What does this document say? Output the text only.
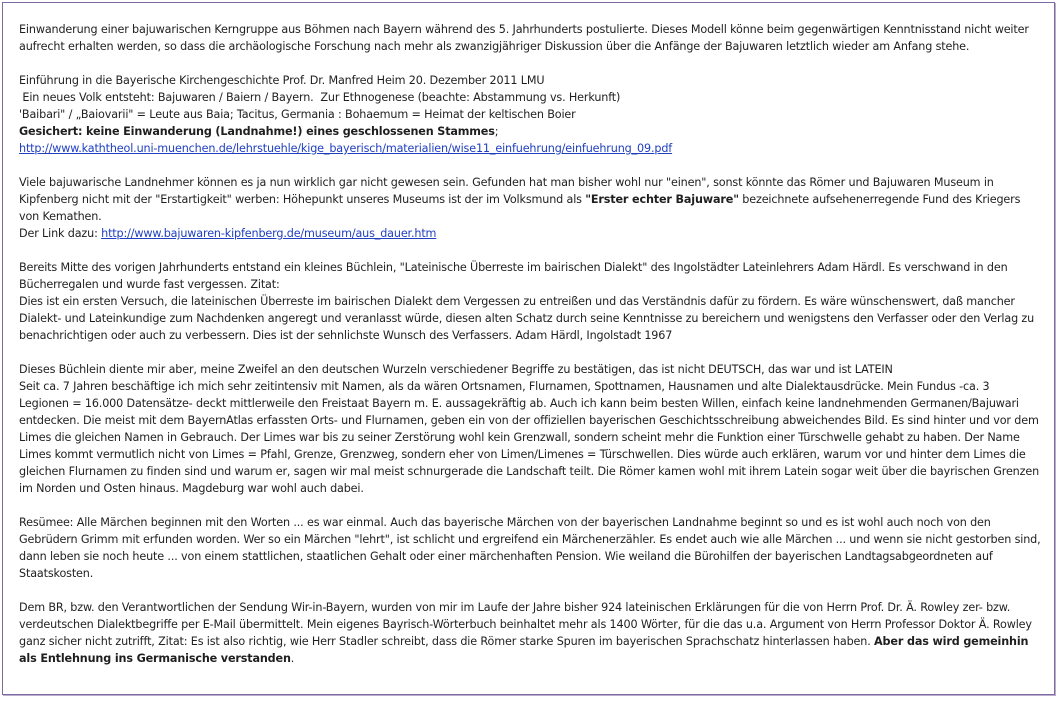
Einwanderung einer bajuwarischen Kerngruppe aus Böhmen nach Bayern während des 5. Jahrhunderts postulierte. Dieses Modell könne beim gegenwärtigen Kenntnisstand nicht weiter aufrecht erhalten werden, so dass die archäologische Forschung nach mehr als zwanzigjähriger Diskussion über die Anfänge der Bajuwaren letztlich wieder am Anfang stehe.

Einführung in die Bayerische Kirchengeschichte Prof. Dr. Manfred Heim 20. Dezember 2011 LMU
Ein neues Volk entsteht: Bajuwaren / Baiern / Bayern.  Zur Ethnogenese (beachte: Abstammung vs. Herkunft)
'Baibari" / „Baiovarii" = Leute aus Baia; Tacitus, Germania : Bohaemum = Heimat der keltischen Boier
Gesichert: keine Einwanderung (Landnahme!) eines geschlossenen Stammes;
http://www.kaththeol.uni-muenchen.de/lehrstuehle/kige_bayerisch/materialien/wise11_einfuehrung/einfuehrung_09.pdf

Viele bajuwarische Landnehmer können es ja nun wirklich gar nicht gewesen sein. Gefunden hat man bisher wohl nur "einen", sonst könnte das Römer und Bajuwaren Museum in Kipfenberg nicht mit der "Erstartigkeit" werben: Höhepunkt unseres Museums ist der im Volksmund als "Erster echter Bajuware" bezeichnete aufsehenerregende Fund des Kriegers von Kemathen.
Der Link dazu: http://www.bajuwaren-kipfenberg.de/museum/aus_dauer.htm

Bereits Mitte des vorigen Jahrhunderts entstand ein kleines Büchlein, "Lateinische Überreste im bairischen Dialekt" des Ingolstädter Lateinlehrers Adam Härdl. Es verschwand in den Bücherregalen und wurde fast vergessen. Zitat:
Dies ist ein ersten Versuch, die lateinischen Überreste im bairischen Dialekt dem Vergessen zu entreißen und das Verständnis dafür zu fördern. Es wäre wünschenswert, daß mancher Dialekt- und Lateinkundige zum Nachdenken angeregt und veranlasst würde, diesen alten Schatz durch seine Kenntnisse zu bereichern und wenigstens den Verfasser oder den Verlag zu benachrichtigen oder auch zu verbessern. Dies ist der sehnlichste Wunsch des Verfassers. Adam Härdl, Ingolstadt 1967

Dieses Büchlein diente mir aber, meine Zweifel an den deutschen Wurzeln verschiedener Begriffe zu bestätigen, das ist nicht DEUTSCH, das war und ist LATEIN
Seit ca. 7 Jahren beschäftige ich mich sehr zeitintensiv mit Namen, als da wären Ortsnamen, Flurnamen, Spottnamen, Hausnamen und alte Dialektausdrücke. Mein Fundus -ca. 3 Legionen = 16.000 Datensätze- deckt mittlerweile den Freistaat Bayern m. E. aussagekräftig ab. Auch ich kann beim besten Willen, einfach keine landnehmenden Germanen/Bajuwari entdecken. Die meist mit dem BayernAtlas erfassten Orts- und Flurnamen, geben ein von der offiziellen bayerischen Geschichtsschreibung abweichendes Bild. Es sind hinter und vor dem Limes die gleichen Namen in Gebrauch. Der Limes war bis zu seiner Zerstörung wohl kein Grenzwall, sondern scheint mehr die Funktion einer Türschwelle gehabt zu haben. Der Name Limes kommt vermutlich nicht von Limes = Pfahl, Grenze, Grenzweg, sondern eher von Limen/Limenes = Türschwellen. Dies würde auch erklären, warum vor und hinter dem Limes die gleichen Flurnamen zu finden sind und warum er, sagen wir mal meist schnurgerade die Landschaft teilt. Die Römer kamen wohl mit ihrem Latein sogar weit über die bayrischen Grenzen im Norden und Osten hinaus. Magdeburg war wohl auch dabei.

Resümee: Alle Märchen beginnen mit den Worten ... es war einmal. Auch das bayerische Märchen von der bayerischen Landnahme beginnt so und es ist wohl auch noch von den Gebrüdern Grimm mit erfunden worden. Wer so ein Märchen "lehrt", ist schlicht und ergreifend ein Märchenerzähler. Es endet auch wie alle Märchen ... und wenn sie nicht gestorben sind, dann leben sie noch heute ... von einem stattlichen, staatlichen Gehalt oder einer märchenhaften Pension. Wie weiland die Bürohilfen der bayerischen Landtagsabgeordneten auf Staatskosten.

Dem BR, bzw. den Verantwortlichen der Sendung Wir-in-Bayern, wurden von mir im Laufe der Jahre bisher 924 lateinischen Erklärungen für die von Herrn Prof. Dr. Ä. Rowley zer- bzw. verdeutschen Dialektbegriffe per E-Mail übermittelt. Mein eigenes Bayrisch-Wörterbuch beinhaltet mehr als 1400 Wörter, für die das u.a. Argument von Herrn Professor Doktor Ä. Rowley ganz sicher nicht zutrifft, Zitat: Es ist also richtig, wie Herr Stadler schreibt, dass die Römer starke Spuren im bayerischen Sprachschatz hinterlassen haben. Aber das wird gemeinhin als Entlehnung ins Germanische verstanden.
